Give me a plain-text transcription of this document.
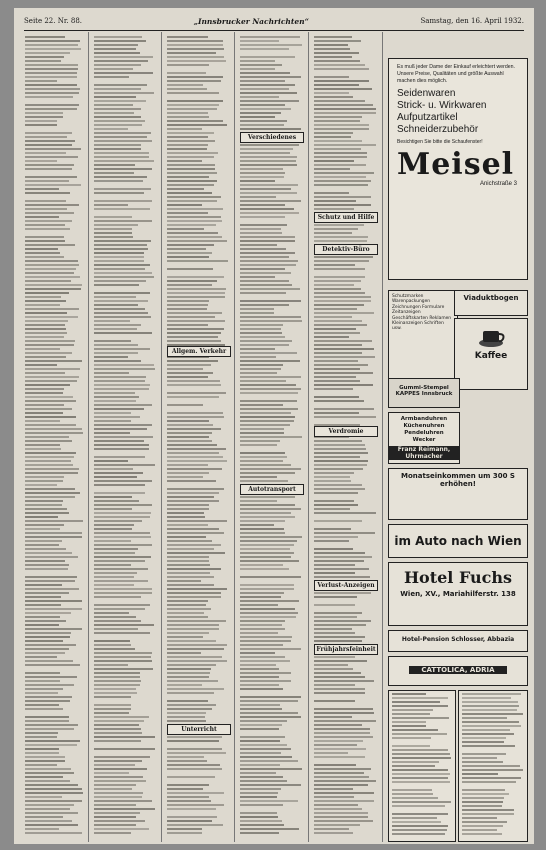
Seite 22. Nr. 88.	„Innsbrucker Nachrichten“	Samstag, den 16. April 1932.
Verschiedenes
Allgem. Verkehr
Unterricht
Schutz und Hilfe
Detektiv-Büro
Verdromie
Autotransport
Verlust-Anzeigen
Frühjahrsfeinheit
Es muß jeder Dame der Einkauf erleichtert werden. Unsere Preise, Qualitäten und größte Auswahl machen dies möglich.
Seidenwaren
Strick- u. Wirkwaren
Aufputzartikel
Schneiderzubehör
Besichtigen Sie bitte die Schaufenster!
Meisel
Anichstraße 3
Schutzmarken Warenpackungen Zeichnungen Formulare Zeitanzeigen Geschäftskarten Reklamen Kleinanzeigen Schriften usw.
Viaduktbogen
Kaffee
Gummi-Stempel KAPPES Innsbruck
Armbanduhren Küchenuhren Pendeluhren Wecker
Franz Reimann, Uhrmacher
Monatseinkommen um 300 S erhöhen!
im Auto nach Wien
Hotel Fuchs
Wien, XV., Mariahilferstr. 138
Hotel-Pension Schlosser, Abbazia
CATTOLICA, ADRIA
